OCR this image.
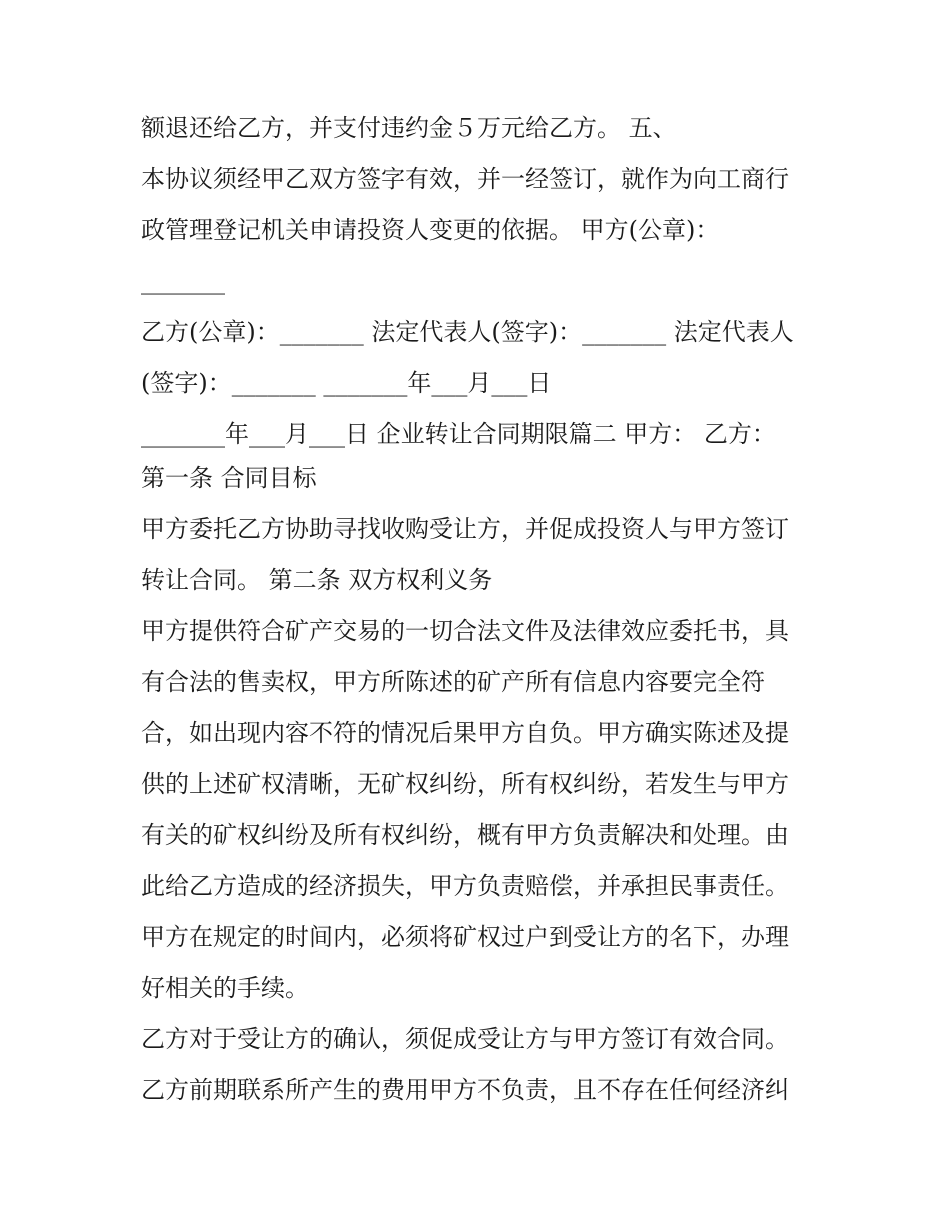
额退还给乙方，并支付违约金５万元给乙方。 五、
本协议须经甲乙双方签字有效，并一经签订，就作为向工商行
政管理登记机关申请投资人变更的依据。 甲方(公章)：
_______
乙方(公章)：_______ 法定代表人(签字)：_______ 法定代表人
(签字)：_______ _______年___月___日
_______年___月___日 企业转让合同期限篇二 甲方： 乙方：
第一条 合同目标
甲方委托乙方协助寻找收购受让方，并促成投资人与甲方签订
转让合同。 第二条 双方权利义务
甲方提供符合矿产交易的一切合法文件及法律效应委托书，具
有合法的售卖权，甲方所陈述的矿产所有信息内容要完全符
合，如出现内容不符的情况后果甲方自负。甲方确实陈述及提
供的上述矿权清晰，无矿权纠纷，所有权纠纷，若发生与甲方
有关的矿权纠纷及所有权纠纷，概有甲方负责解决和处理。由
此给乙方造成的经济损失，甲方负责赔偿，并承担民事责任。
甲方在规定的时间内，必须将矿权过户到受让方的名下，办理
好相关的手续。
乙方对于受让方的确认，须促成受让方与甲方签订有效合同。
乙方前期联系所产生的费用甲方不负责，且不存在任何经济纠
